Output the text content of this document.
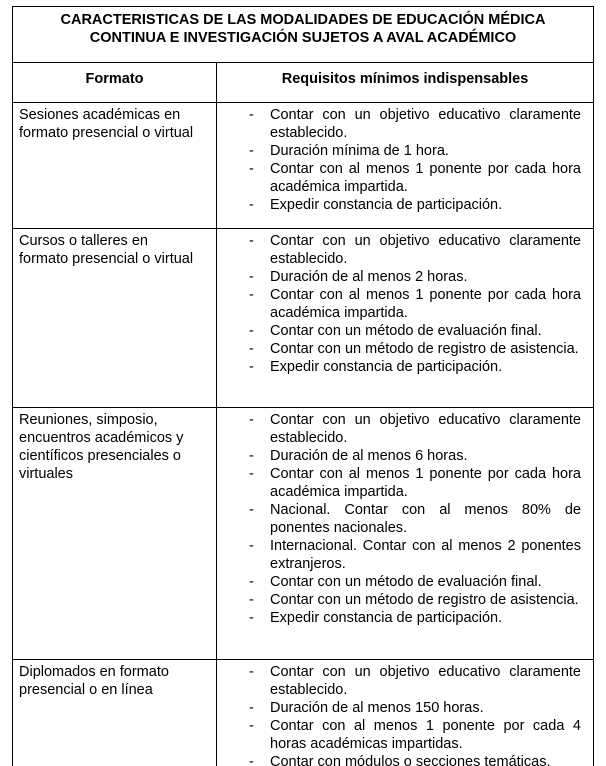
CARACTERISTICAS DE LAS MODALIDADES DE EDUCACIÓN MÉDICA
CONTINUA E INVESTIGACIÓN SUJETOS A AVAL ACADÉMICO
Formato	Requisitos mínimos indispensables
Sesiones académicas en
formato presencial o virtual
- Contar con un objetivo educativo claramente establecido.
- Duración mínima de 1 hora.
- Contar con al menos 1 ponente por cada hora académica impartida.
- Expedir constancia de participación.
Cursos o talleres en
formato presencial o virtual
- Contar con un objetivo educativo claramente establecido.
- Duración de al menos 2 horas.
- Contar con al menos 1 ponente por cada hora académica impartida.
- Contar con un método de evaluación final.
- Contar con un método de registro de asistencia.
- Expedir constancia de participación.
Reuniones, simposio,
encuentros académicos y
científicos presenciales o
virtuales
- Contar con un objetivo educativo claramente establecido.
- Duración de al menos 6 horas.
- Contar con al menos 1 ponente por cada hora académica impartida.
- Nacional. Contar con al menos 80% de ponentes nacionales.
- Internacional. Contar con al menos 2 ponentes extranjeros.
- Contar con un método de evaluación final.
- Contar con un método de registro de asistencia.
- Expedir constancia de participación.
Diplomados en formato
presencial o en línea
- Contar con un objetivo educativo claramente establecido.
- Duración de al menos 150 horas.
- Contar con al menos 1 ponente por cada 4 horas académicas impartidas.
- Contar con módulos o secciones temáticas.
